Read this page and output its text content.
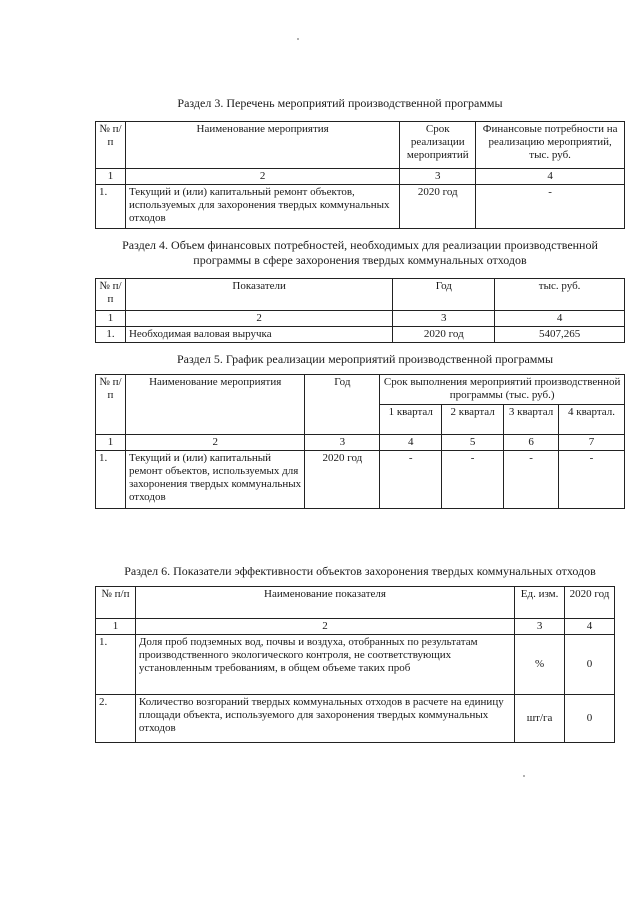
Раздел 3. Перечень мероприятий производственной программы
№ п/п	Наименование мероприятия	Срок реализации мероприятий	Финансовые потребности на реализацию мероприятий, тыс. руб.
1	2	3	4
1.	Текущий и (или) капитальный ремонт объектов, используемых для захоронения твердых коммунальных отходов	2020 год	-
Раздел 4. Объем финансовых потребностей, необходимых для реализации производственной программы в сфере захоронения твердых коммунальных отходов
№ п/п	Показатели	Год	тыс. руб.
1	2	3	4
1.	Необходимая валовая выручка	2020 год	5407,265
Раздел 5. График реализации мероприятий производственной программы
№ п/п	Наименование мероприятия	Год	Срок выполнения мероприятий производственной программы (тыс. руб.)			
			1 квартал	2 квартал	3 квартал	4 квартал.
1	2	3	4	5	6	7
1.	Текущий и (или) капитальный ремонт объектов, используемых для захоронения твердых коммунальных отходов	2020 год	-	-	-	-
Раздел 6. Показатели эффективности объектов захоронения твердых коммунальных отходов
№ п/п	Наименование показателя	Ед. изм.	2020 год
1	2	3	4
1.	Доля проб подземных вод, почвы и воздуха, отобранных по результатам производственного экологического контроля, не соответствующих установленным требованиям, в общем объеме таких проб	%	0
2.	Количество возгораний твердых коммунальных отходов в расчете на единицу площади объекта, используемого для захоронения твердых коммунальных отходов	шт/га	0
